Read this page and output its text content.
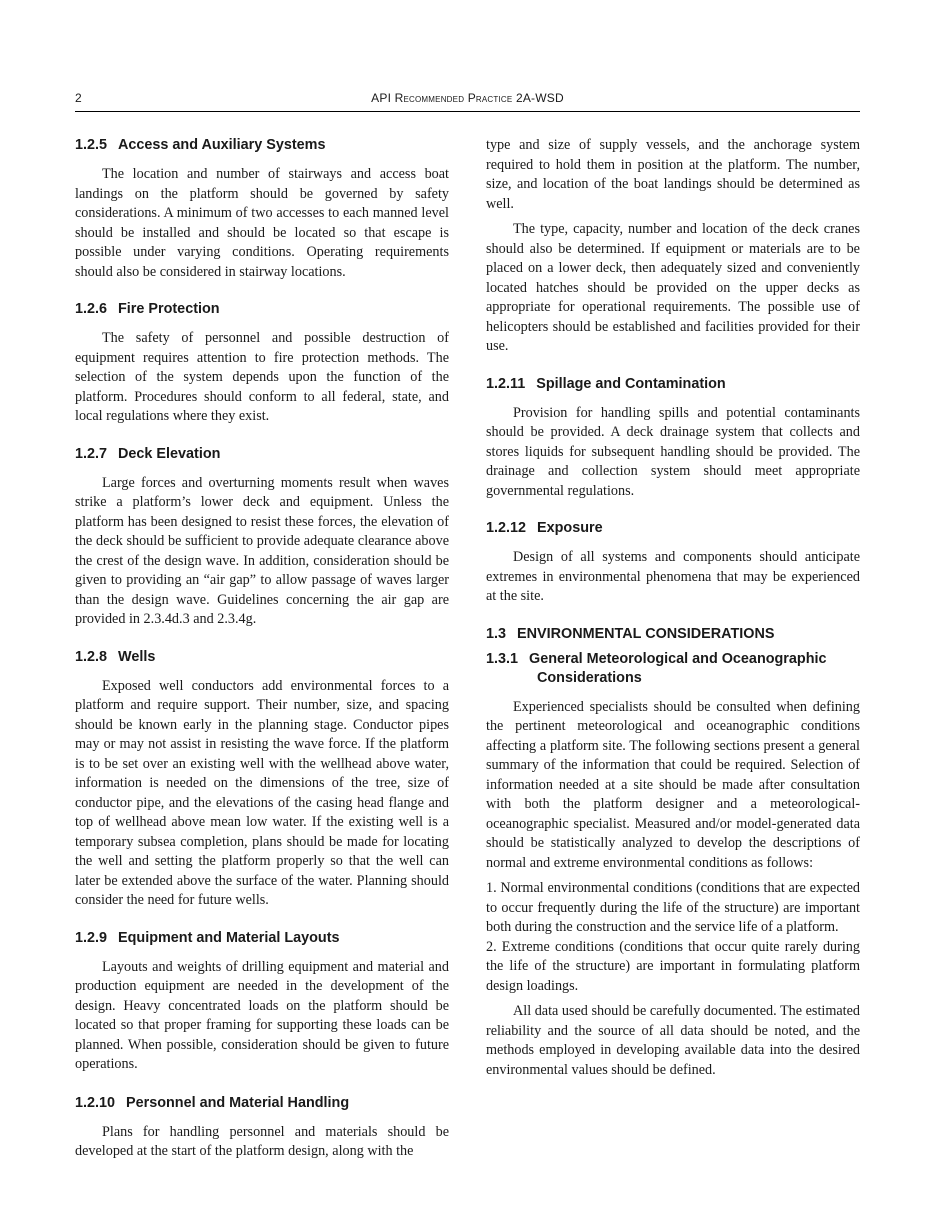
2	API Recommended Practice 2A-WSD
1.2.5 Access and Auxiliary Systems

The location and number of stairways and access boat landings on the platform should be governed by safety considerations. A minimum of two accesses to each manned level should be installed and should be located so that escape is possible under varying conditions. Operating requirements should also be considered in stairway locations.

1.2.6 Fire Protection

The safety of personnel and possible destruction of equipment requires attention to fire protection methods. The selection of the system depends upon the function of the platform. Procedures should conform to all federal, state, and local regulations where they exist.

1.2.7 Deck Elevation

Large forces and overturning moments result when waves strike a platform’s lower deck and equipment. Unless the platform has been designed to resist these forces, the elevation of the deck should be sufficient to provide adequate clearance above the crest of the design wave. In addition, consideration should be given to providing an “air gap” to allow passage of waves larger than the design wave. Guidelines concerning the air gap are provided in 2.3.4d.3 and 2.3.4g.

1.2.8 Wells

Exposed well conductors add environmental forces to a platform and require support. Their number, size, and spacing should be known early in the planning stage. Conductor pipes may or may not assist in resisting the wave force. If the platform is to be set over an existing well with the wellhead above water, information is needed on the dimensions of the tree, size of conductor pipe, and the elevations of the casing head flange and top of wellhead above mean low water. If the existing well is a temporary subsea completion, plans should be made for locating the well and setting the platform properly so that the well can later be extended above the surface of the water. Planning should consider the need for future wells.

1.2.9 Equipment and Material Layouts

Layouts and weights of drilling equipment and material and production equipment are needed in the development of the design. Heavy concentrated loads on the platform should be located so that proper framing for supporting these loads can be planned. When possible, consideration should be given to future operations.

1.2.10 Personnel and Material Handling

Plans for handling personnel and materials should be developed at the start of the platform design, along with the

type and size of supply vessels, and the anchorage system required to hold them in position at the platform. The number, size, and location of the boat landings should be determined as well.

The type, capacity, number and location of the deck cranes should also be determined. If equipment or materials are to be placed on a lower deck, then adequately sized and conveniently located hatches should be provided on the upper decks as appropriate for operational requirements. The possible use of helicopters should be established and facilities provided for their use.

1.2.11 Spillage and Contamination

Provision for handling spills and potential contaminants should be provided. A deck drainage system that collects and stores liquids for subsequent handling should be provided. The drainage and collection system should meet appropriate governmental regulations.

1.2.12 Exposure

Design of all systems and components should anticipate extremes in environmental phenomena that may be experienced at the site.

1.3 ENVIRONMENTAL CONSIDERATIONS
1.3.1 General Meteorological and Oceanographic
Considerations

Experienced specialists should be consulted when defining the pertinent meteorological and oceanographic conditions affecting a platform site. The following sections present a general summary of the information that could be required. Selection of information needed at a site should be made after consultation with both the platform designer and a meteorological-oceanographic specialist. Measured and/or model-generated data should be statistically analyzed to develop the descriptions of normal and extreme environmental conditions as follows:

1. Normal environmental conditions (conditions that are expected to occur frequently during the life of the structure) are important both during the construction and the service life of a platform.

2. Extreme conditions (conditions that occur quite rarely during the life of the structure) are important in formulating platform design loadings.

All data used should be carefully documented. The estimated reliability and the source of all data should be noted, and the methods employed in developing available data into the desired environmental values should be defined.
